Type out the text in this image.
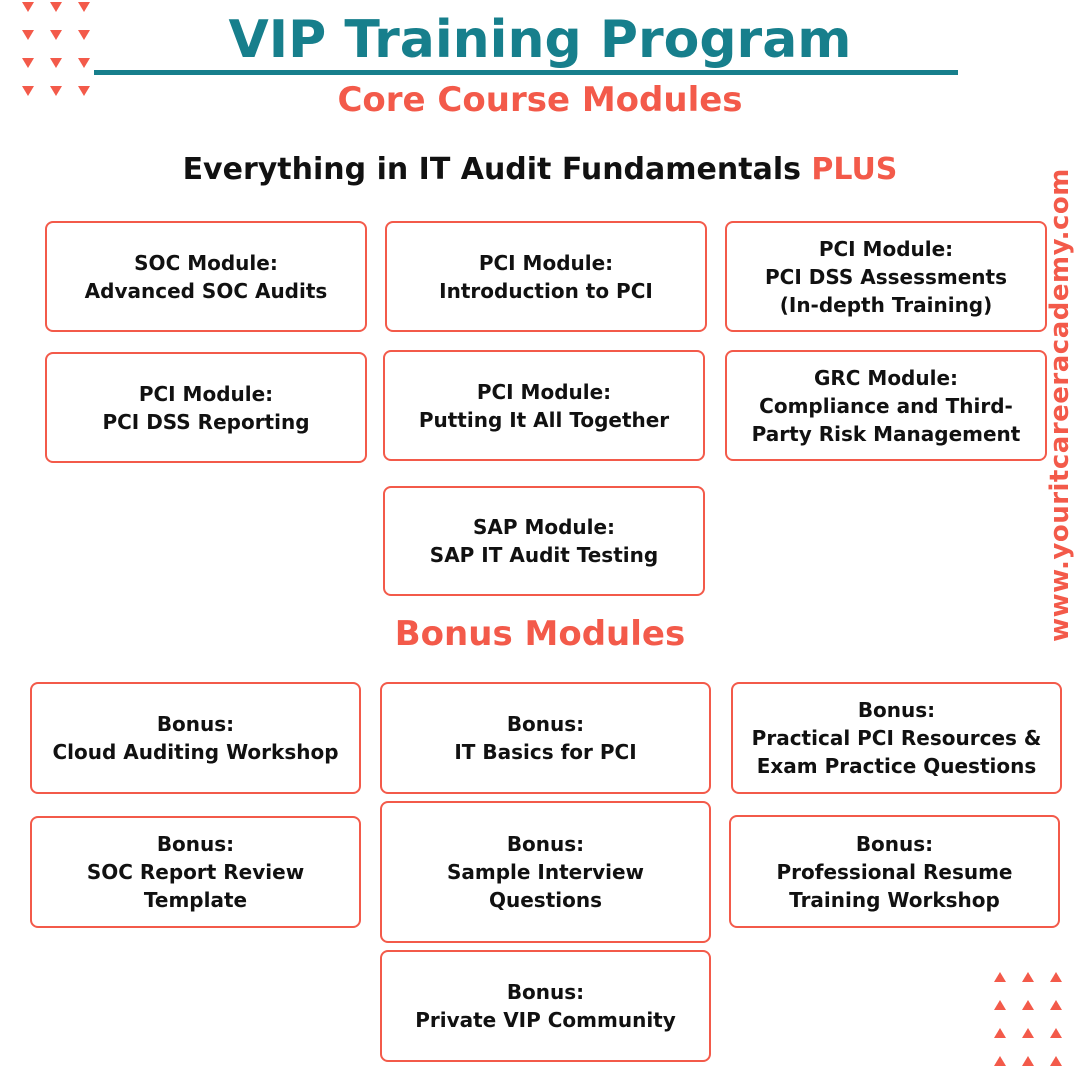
VIP Training Program
Core Course Modules
Everything in IT Audit Fundamentals PLUS
SOC Module:
Advanced SOC Audits
PCI Module:
Introduction to PCI
PCI Module:
PCI DSS Assessments
(In-depth Training)
PCI Module:
PCI DSS Reporting
PCI Module:
Putting It All Together
GRC Module:
Compliance and Third-
Party Risk Management
SAP Module:
SAP IT Audit Testing
Bonus Modules
Bonus:
Cloud Auditing Workshop
Bonus:
IT Basics for PCI
Bonus:
Practical PCI Resources &
Exam Practice Questions
Bonus:
SOC Report Review
Template
Bonus:
Sample Interview
Questions
Bonus:
Professional Resume
Training Workshop
Bonus:
Private VIP Community
www.youritcareeracademy.com
